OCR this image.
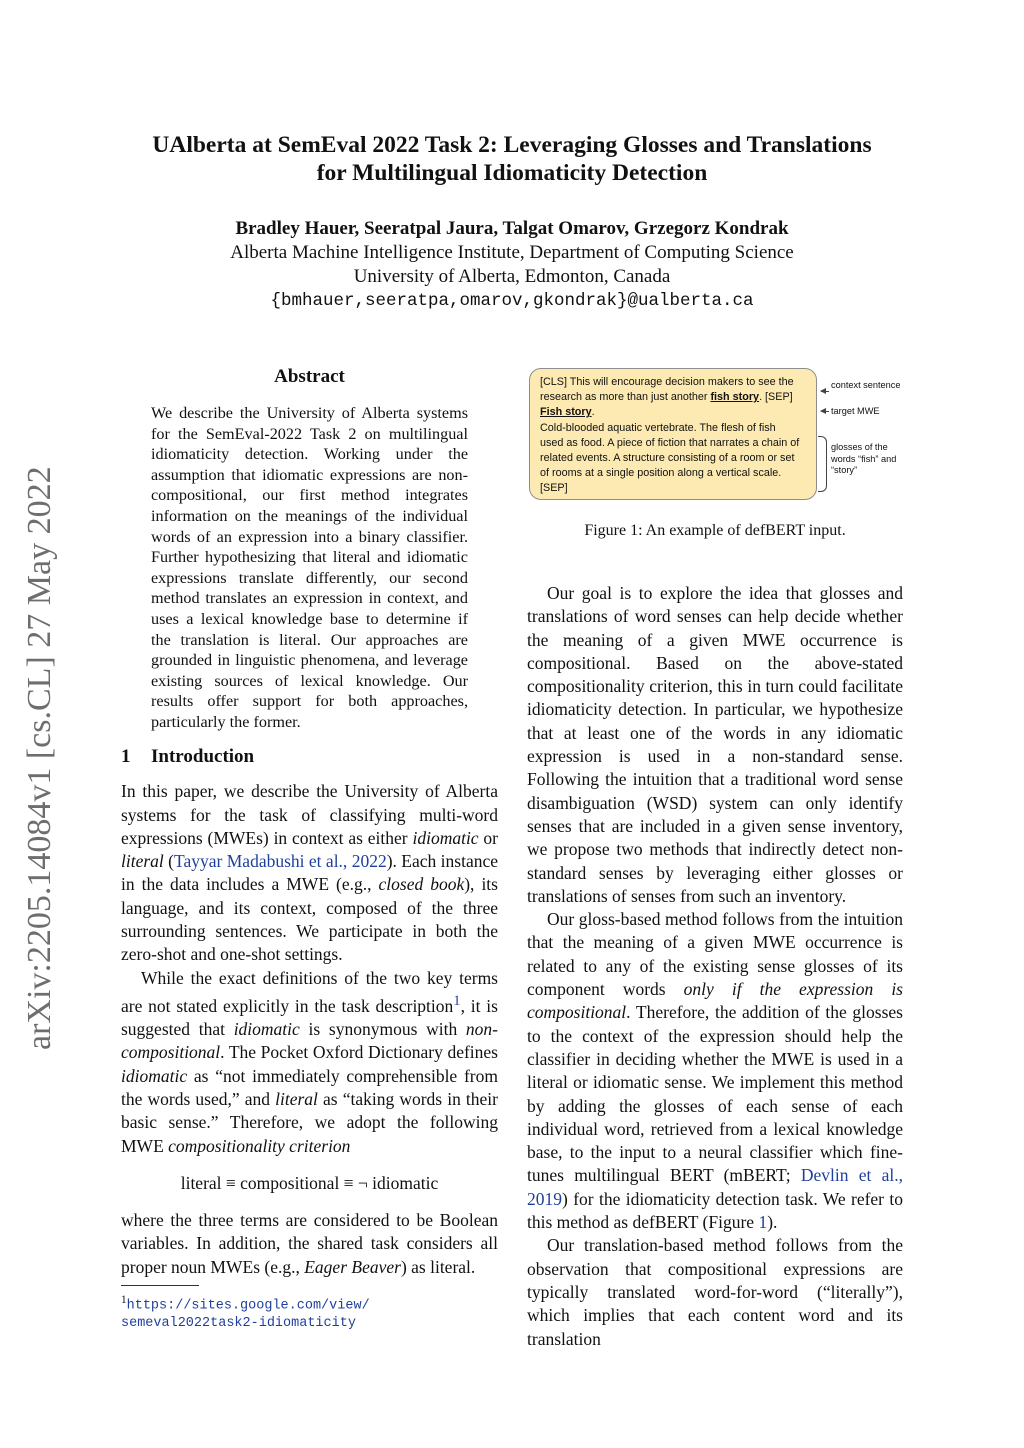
UAlberta at SemEval 2022 Task 2: Leveraging Glosses and Translations
for Multilingual Idiomaticity Detection
Bradley Hauer, Seeratpal Jaura, Talgat Omarov, Grzegorz Kondrak
Alberta Machine Intelligence Institute, Department of Computing Science
University of Alberta, Edmonton, Canada
{bmhauer,seeratpa,omarov,gkondrak}@ualberta.ca
arXiv:2205.14084v1 [cs.CL] 27 May 2022
Abstract
We describe the University of Alberta systems for the SemEval-2022 Task 2 on multilingual idiomaticity detection. Working under the assumption that idiomatic expressions are non-compositional, our first method integrates information on the meanings of the individual words of an expression into a binary classifier. Further hypothesizing that literal and idiomatic expressions translate differently, our second method translates an expression in context, and uses a lexical knowledge base to determine if the translation is literal. Our approaches are grounded in linguistic phenomena, and leverage existing sources of lexical knowledge. Our results offer support for both approaches, particularly the former.
1 Introduction

In this paper, we describe the University of Alberta systems for the task of classifying multi-word expressions (MWEs) in context as either idiomatic or literal (Tayyar Madabushi et al., 2022). Each instance in the data includes a MWE (e.g., closed book), its language, and its context, composed of the three surrounding sentences. We participate in both the zero-shot and one-shot settings.

While the exact definitions of the two key terms are not stated explicitly in the task description$^1$, it is suggested that idiomatic is synonymous with non-compositional. The Pocket Oxford Dictionary defines idiomatic as “not immediately comprehensible from the words used,” and literal as “taking words in their basic sense.” Therefore, we adopt the following MWE compositionality criterion

literal ≡ compositional ≡ ¬ idiomatic

where the three terms are considered to be Boolean variables. In addition, the shared task considers all proper noun MWEs (e.g., Eager Beaver) as literal.

$^1$https://sites.google.com/view/
semeval2022task2-idiomaticity
[CLS] This will encourage decision makers to see the
research as more than just another fish story. [SEP]
Fish story.
Cold-blooded aquatic vertebrate. The flesh of fish
used as food. A piece of fiction that narrates a chain of
related events. A structure consisting of a room or set
of rooms at a single position along a vertical scale.
[SEP]
context sentence
target MWE
glosses of the words “fish” and “story”
Figure 1: An example of defBERT input.

Our goal is to explore the idea that glosses and translations of word senses can help decide whether the meaning of a given MWE occurrence is compositional. Based on the above-stated compositionality criterion, this in turn could facilitate idiomaticity detection. In particular, we hypothesize that at least one of the words in any idiomatic expression is used in a non-standard sense. Following the intuition that a traditional word sense disambiguation (WSD) system can only identify senses that are included in a given sense inventory, we propose two methods that indirectly detect non-standard senses by leveraging either glosses or translations of senses from such an inventory.

Our gloss-based method follows from the intuition that the meaning of a given MWE occurrence is related to any of the existing sense glosses of its component words only if the expression is compositional. Therefore, the addition of the glosses to the context of the expression should help the classifier in deciding whether the MWE is used in a literal or idiomatic sense. We implement this method by adding the glosses of each sense of each individual word, retrieved from a lexical knowledge base, to the input to a neural classifier which fine-tunes multilingual BERT (mBERT; Devlin et al., 2019) for the idiomaticity detection task. We refer to this method as defBERT (Figure 1).

Our translation-based method follows from the observation that compositional expressions are typically translated word-for-word (“literally”), which implies that each content word and its translation
